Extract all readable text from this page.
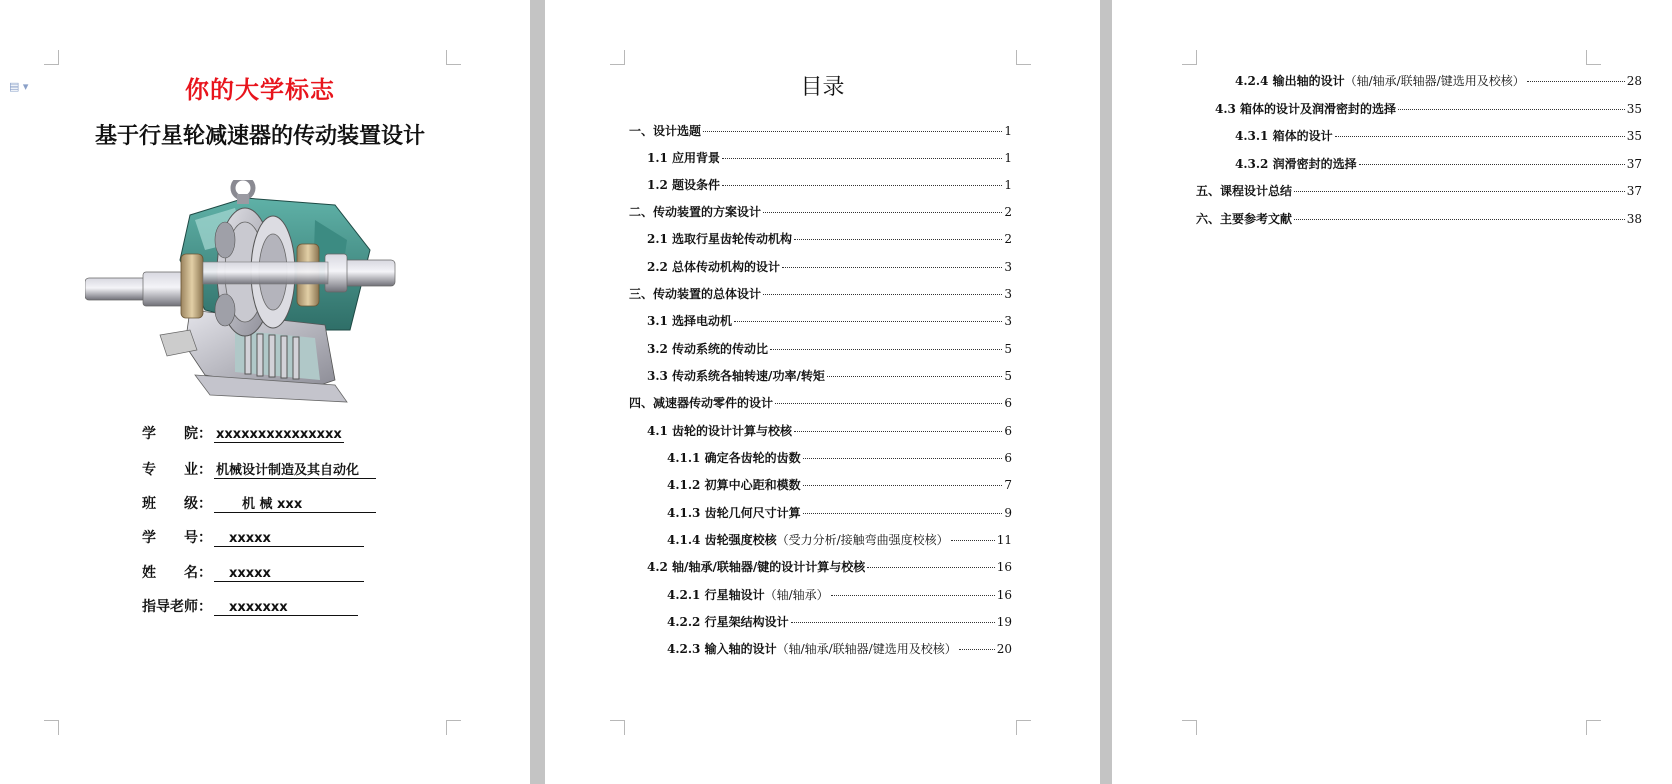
▤ ▾	你的大学标志
基于行星轮减速器的传动装置设计
学　　院： xxxxxxxxxxxxxxx
专　　业： 机械设计制造及其自动化
班　　级：　　机 械 xxx　　　　　
学　　号：　xxxxx　　　　　　
姓　　名：　xxxxx　　　　　　
指导老师：　xxxxxxx　　　　　
目录
一、设计选题	1
1.1 应用背景	1
1.2 题设条件	1
二、传动装置的方案设计	2
2.1 选取行星齿轮传动机构	2
2.2 总体传动机构的设计	3
三、传动装置的总体设计	3
3.1 选择电动机	3
3.2 传动系统的传动比	5
3.3 传动系统各轴转速/功率/转矩	5
四、减速器传动零件的设计	6
4.1 齿轮的设计计算与校核	6
4.1.1 确定各齿轮的齿数	6
4.1.2 初算中心距和模数	7
4.1.3 齿轮几何尺寸计算	9
4.1.4 齿轮强度校核（受力分析/接触弯曲强度校核）	11
4.2 轴/轴承/联轴器/键的设计计算与校核	16
4.2.1 行星轴设计（轴/轴承）	16
4.2.2 行星架结构设计	19
4.2.3 输入轴的设计（轴/轴承/联轴器/键选用及校核）	20
4.2.4 输出轴的设计（轴/轴承/联轴器/键选用及校核）	28
4.3 箱体的设计及润滑密封的选择	35
4.3.1 箱体的设计	35
4.3.2 润滑密封的选择	37
五、课程设计总结	37
六、主要参考文献	38
